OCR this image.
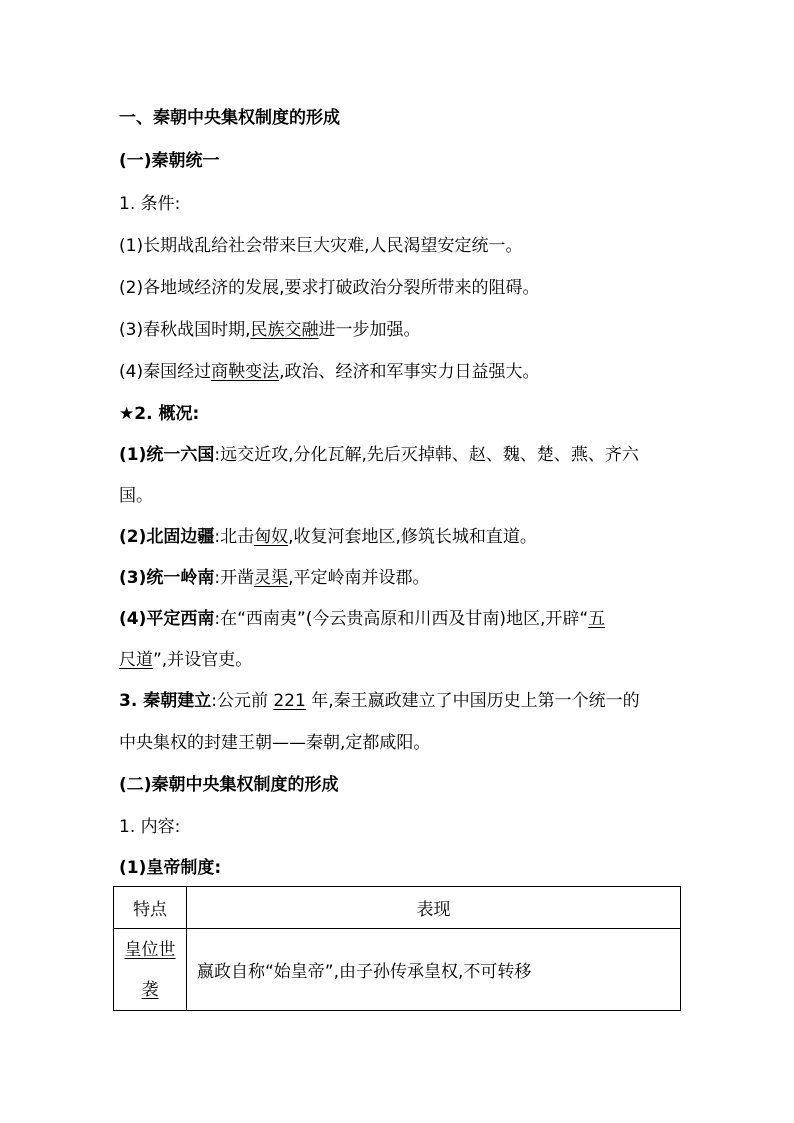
一、秦朝中央集权制度的形成
(一)秦朝统一
1. 条件:
(1)长期战乱给社会带来巨大灾难,人民渴望安定统一。
(2)各地域经济的发展,要求打破政治分裂所带来的阻碍。
(3)春秋战国时期,民族交融进一步加强。
(4)秦国经过商鞅变法,政治、经济和军事实力日益强大。
★2. 概况:
(1)统一六国:远交近攻,分化瓦解,先后灭掉韩、赵、魏、楚、燕、齐六
国。
(2)北固边疆:北击匈奴,收复河套地区,修筑长城和直道。
(3)统一岭南:开凿灵渠,平定岭南并设郡。
(4)平定西南:在“西南夷”(今云贵高原和川西及甘南)地区,开辟“五
尺道”,并设官吏。
3. 秦朝建立:公元前 221 年,秦王嬴政建立了中国历史上第一个统一的
中央集权的封建王朝——秦朝,定都咸阳。
(二)秦朝中央集权制度的形成
1. 内容:
(1)皇帝制度:
特点	表现

皇位世
袭	嬴政自称“始皇帝”,由子孙传承皇权,不可转移
